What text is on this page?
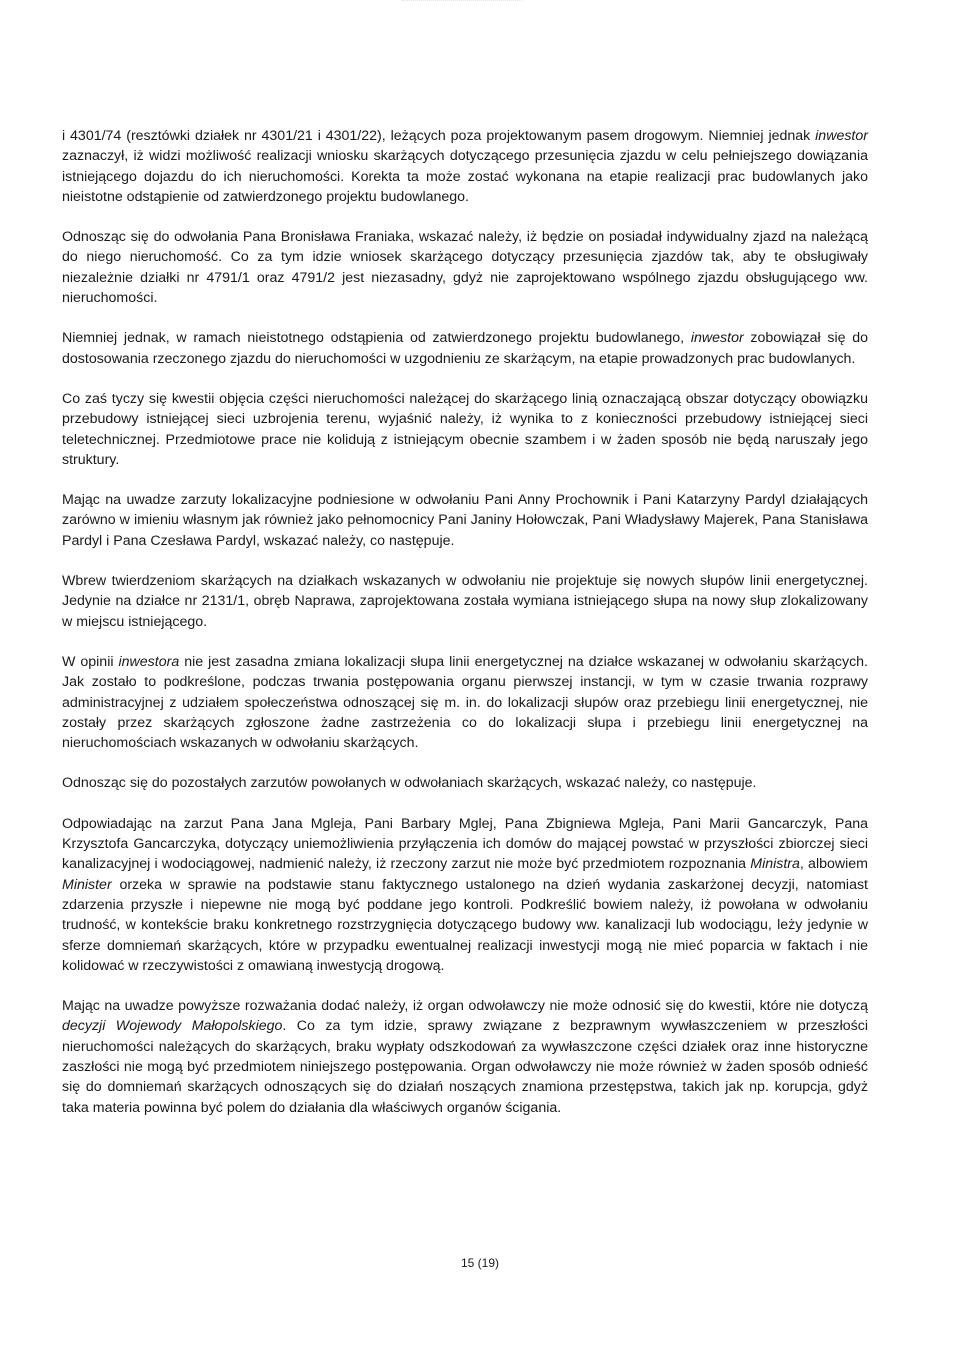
i 4301/74 (resztówki działek nr 4301/21 i 4301/22), leżących poza projektowanym pasem drogowym. Niemniej jednak inwestor zaznaczył, iż widzi możliwość realizacji wniosku skarżących dotyczącego przesunięcia zjazdu w celu pełniejszego dowiązania istniejącego dojazdu do ich nieruchomości. Korekta ta może zostać wykonana na etapie realizacji prac budowlanych jako nieistotne odstąpienie od zatwierdzonego projektu budowlanego.

Odnosząc się do odwołania Pana Bronisława Franiaka, wskazać należy, iż będzie on posiadał indywidualny zjazd na należącą do niego nieruchomość. Co za tym idzie wniosek skarżącego dotyczący przesunięcia zjazdów tak, aby te obsługiwały niezależnie działki nr 4791/1 oraz 4791/2 jest niezasadny, gdyż nie zaprojektowano wspólnego zjazdu obsługującego ww. nieruchomości.

Niemniej jednak, w ramach nieistotnego odstąpienia od zatwierdzonego projektu budowlanego, inwestor zobowiązał się do dostosowania rzeczonego zjazdu do nieruchomości w uzgodnieniu ze skarżącym, na etapie prowadzonych prac budowlanych.

Co zaś tyczy się kwestii objęcia części nieruchomości należącej do skarżącego linią oznaczającą obszar dotyczący obowiązku przebudowy istniejącej sieci uzbrojenia terenu, wyjaśnić należy, iż wynika to z konieczności przebudowy istniejącej sieci teletechnicznej. Przedmiotowe prace nie kolidują z istniejącym obecnie szambem i w żaden sposób nie będą naruszały jego struktury.

Mając na uwadze zarzuty lokalizacyjne podniesione w odwołaniu Pani Anny Prochownik i Pani Katarzyny Pardyl działających zarówno w imieniu własnym jak również jako pełnomocnicy Pani Janiny Hołowczak, Pani Władysławy Majerek, Pana Stanisława Pardyl i Pana Czesława Pardyl, wskazać należy, co następuje.

Wbrew twierdzeniom skarżących na działkach wskazanych w odwołaniu nie projektuje się nowych słupów linii energetycznej. Jedynie na działce nr 2131/1, obręb Naprawa, zaprojektowana została wymiana istniejącego słupa na nowy słup zlokalizowany w miejscu istniejącego.

W opinii inwestora nie jest zasadna zmiana lokalizacji słupa linii energetycznej na działce wskazanej w odwołaniu skarżących. Jak zostało to podkreślone, podczas trwania postępowania organu pierwszej instancji, w tym w czasie trwania rozprawy administracyjnej z udziałem społeczeństwa odnoszącej się m. in. do lokalizacji słupów oraz przebiegu linii energetycznej, nie zostały przez skarżących zgłoszone żadne zastrzeżenia co do lokalizacji słupa i przebiegu linii energetycznej na nieruchomościach wskazanych w odwołaniu skarżących.

Odnosząc się do pozostałych zarzutów powołanych w odwołaniach skarżących, wskazać należy, co następuje.

Odpowiadając na zarzut Pana Jana Mgleja, Pani Barbary Mglej, Pana Zbigniewa Mgleja, Pani Marii Gancarczyk, Pana Krzysztofa Gancarczyka, dotyczący uniemożliwienia przyłączenia ich domów do mającej powstać w przyszłości zbiorczej sieci kanalizacyjnej i wodociągowej, nadmienić należy, iż rzeczony zarzut nie może być przedmiotem rozpoznania Ministra, albowiem Minister orzeka w sprawie na podstawie stanu faktycznego ustalonego na dzień wydania zaskarżonej decyzji, natomiast zdarzenia przyszłe i niepewne nie mogą być poddane jego kontroli. Podkreślić bowiem należy, iż powołana w odwołaniu trudność, w kontekście braku konkretnego rozstrzygnięcia dotyczącego budowy ww. kanalizacji lub wodociągu, leży jedynie w sferze domniemań skarżących, które w przypadku ewentualnej realizacji inwestycji mogą nie mieć poparcia w faktach i nie kolidować w rzeczywistości z omawianą inwestycją drogową.

Mając na uwadze powyższe rozważania dodać należy, iż organ odwoławczy nie może odnosić się do kwestii, które nie dotyczą decyzji Wojewody Małopolskiego. Co za tym idzie, sprawy związane z bezprawnym wywłaszczeniem w przeszłości nieruchomości należących do skarżących, braku wypłaty odszkodowań za wywłaszczone części działek oraz inne historyczne zaszłości nie mogą być przedmiotem niniejszego postępowania. Organ odwoławczy nie może również w żaden sposób odnieść się do domniemań skarżących odnoszących się do działań noszących znamiona przestępstwa, takich jak np. korupcja, gdyż taka materia powinna być polem do działania dla właściwych organów ścigania.

15 (19)
